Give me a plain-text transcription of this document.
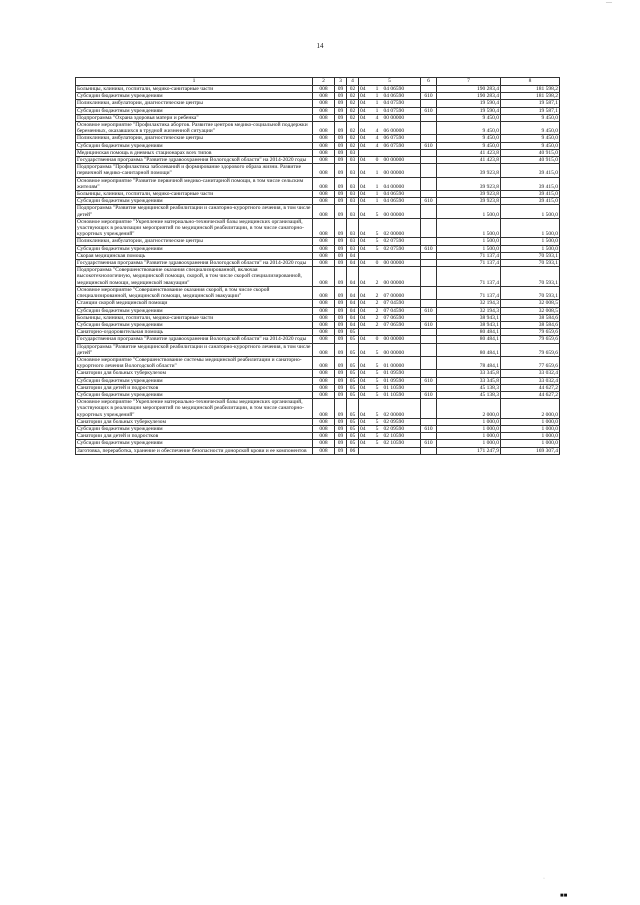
—
14
1	2	3	4	5			6	7	8
Больницы, клиники, госпитали, медико-санитарные части	008	09	02	04	1	04 06590		190 283,4	181 598,2
Субсидии бюджетным учреждениям	008	09	02	04	1	04 06590	610	190 283,4	181 598,2
Поликлиники, амбулатории, диагностические центры	008	09	02	04	1	04 07590		19 590,4	19 587,1
Субсидии бюджетным учреждениям	008	09	02	04	1	04 07590	610	19 590,4	19 587,1
Подпрограмма "Охрана здоровья матери и ребенка"	008	09	02	04	4	00 00000		9 450,0	9 450,0
Основное мероприятие "Профилактика абортов. Развитие центров медико-социальной поддержки беременных, оказавшихся в трудной жизненной ситуации"	008	09	02	04	4	06 00000		9 450,0	9 450,0
Поликлиники, амбулатории, диагностические центры	008	09	02	04	4	06 07590		9 450,0	9 450,0
Субсидии бюджетным учреждениям	008	09	02	04	4	06 07590	610	9 450,0	9 450,0
Медицинская помощь в дневных стационарах всех типов	008	09	03					41 423,8	40 915,0
Государственная программа "Развитие здравоохранения Вологодской области" на 2014-2020 годы	008	09	03	04	0	00 00000		41 423,8	40 915,0
Подпрограмма "Профилактика заболеваний и формирование здорового образа жизни. Развитие первичной медико-санитарной помощи"	008	09	03	04	1	00 00000		39 923,8	39 415,0
Основное мероприятие "Развитие первичной медико-санитарной помощи, в том числе сельским жителям"	008	09	03	04	1	04 00000		39 923,8	39 415,0
Больницы, клиники, госпитали, медико-санитарные части	008	09	03	04	1	04 06590		39 923,8	39 415,0
Субсидии бюджетным учреждениям	008	09	03	04	1	04 06590	610	39 923,8	39 415,0
Подпрограмма "Развитие медицинской реабилитации и санаторно-курортного лечения, в том числе детей"	008	09	03	04	5	00 00000		1 500,0	1 500,0
Основное мероприятие "Укрепление материально-технической базы медицинских организаций, участвующих в реализации мероприятий по медицинской реабилитации, в том числе санаторно-курортных учреждений"	008	09	03	04	5	02 00000		1 500,0	1 500,0
Поликлиники, амбулатории, диагностические центры	008	09	03	04	5	02 07590		1 500,0	1 500,0
Субсидии бюджетным учреждениям	008	09	03	04	5	02 07590	610	1 500,0	1 500,0
Скорая медицинская помощь	008	09	04					71 137,4	70 593,1
Государственная программа "Развитие здравоохранения Вологодской области" на 2014-2020 годы	008	09	04	04	0	00 00000		71 137,4	70 593,1
Подпрограмма "Совершенствование оказания специализированной, включая высокотехнологичную, медицинской помощи, скорой, в том числе скорой специализированной, медицинской помощи, медицинской эвакуации"	008	09	04	04	2	00 00000		71 137,4	70 593,1
Основное мероприятие "Совершенствование оказания скорой, в том числе скорой специализированной, медицинской помощи, медицинской эвакуации"	008	09	04	04	2	07 00000		71 137,4	70 593,1
Станции скорой медицинской помощи	008	09	04	04	2	07 04590		32 194,3	32 008,5
Субсидии бюджетным учреждениям	008	09	04	04	2	07 04590	610	32 194,3	32 008,5
Больницы, клиники, госпитали, медико-санитарные части	008	09	04	04	2	07 06590		38 943,1	38 584,6
Субсидии бюджетным учреждениям	008	09	04	04	2	07 06590	610	38 943,1	38 584,6
Санаторно-оздоровительная помощь	008	09	05					80 484,1	79 659,6
Государственная программа "Развитие здравоохранения Вологодской области" на 2014-2020 годы	008	09	05	04	0	00 00000		80 484,1	79 659,6
Подпрограмма "Развитие медицинской реабилитации и санаторно-курортного лечения, в том числе детей"	008	09	05	04	5	00 00000		80 484,1	79 659,6
Основное мероприятие "Совершенствование системы медицинской реабилитации и санаторно-курортного лечения Вологодской области"	008	09	05	04	5	01 00000		78 484,1	77 659,6
Санатории для больных туберкулезом	008	09	05	04	5	01 09590		33 345,8	33 032,4
Субсидии бюджетным учреждениям	008	09	05	04	5	01 09590	610	33 345,8	33 032,4
Санатории для детей и подростков	008	09	05	04	5	01 10590		45 138,3	44 627,2
Субсидии бюджетным учреждениям	008	09	05	04	5	01 10590	610	45 138,3	44 627,2
Основное мероприятие "Укрепление материально-технической базы медицинских организаций, участвующих в реализации мероприятий по медицинской реабилитации, в том числе санаторно-курортных учреждений"	008	09	05	04	5	02 00000		2 000,0	2 000,0
Санатории для больных туберкулезом	008	09	05	04	5	02 09590		1 000,0	1 000,0
Субсидии бюджетным учреждениям	008	09	05	04	5	02 09590	610	1 000,0	1 000,0
Санатории для детей и подростков	008	09	05	04	5	02 10590		1 000,0	1 000,0
Субсидии бюджетным учреждениям	008	09	05	04	5	02 10590	610	1 000,0	1 000,0
Заготовка, переработка, хранение и обеспечение безопасности донорской крови и ее компонентов	008	09	06					171 247,9	169 307,4
·
■■
